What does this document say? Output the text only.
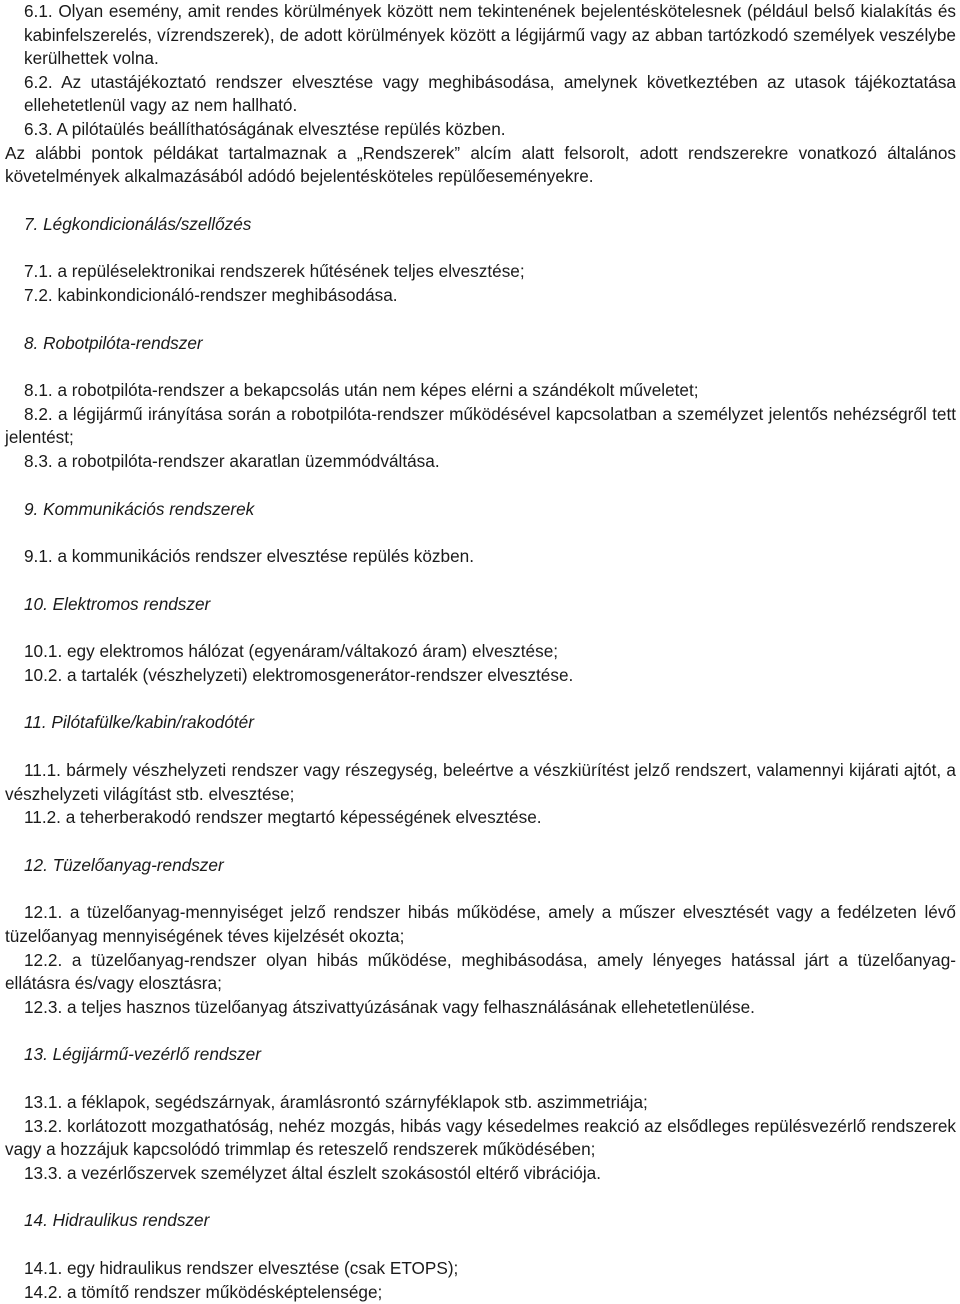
6.1. Olyan esemény, amit rendes körülmények között nem tekintenének bejelentéskötelesnek (például belső kialakítás és kabinfelszerelés, vízrendszerek), de adott körülmények között a légijármű vagy az abban tartózkodó személyek veszélybe kerülhettek volna.

6.2. Az utastájékoztató rendszer elvesztése vagy meghibásodása, amelynek következtében az utasok tájékoztatása ellehetetlenül vagy az nem hallható.

6.3. A pilótaülés beállíthatóságának elvesztése repülés közben.

Az alábbi pontok példákat tartalmaznak a „Rendszerek” alcím alatt felsorolt, adott rendszerekre vonatkozó általános követelmények alkalmazásából adódó bejelentésköteles repülőeseményekre.

7. Légkondicionálás/szellőzés

7.1. a repüléselektronikai rendszerek hűtésének teljes elvesztése;

7.2. kabinkondicionáló-rendszer meghibásodása.

8. Robotpilóta-rendszer

8.1. a robotpilóta-rendszer a bekapcsolás után nem képes elérni a szándékolt műveletet;

8.2. a légijármű irányítása során a robotpilóta-rendszer működésével kapcsolatban a személyzet jelentős nehézségről tett jelentést;

8.3. a robotpilóta-rendszer akaratlan üzemmódváltása.

9. Kommunikációs rendszerek

9.1. a kommunikációs rendszer elvesztése repülés közben.

10. Elektromos rendszer

10.1. egy elektromos hálózat (egyenáram/váltakozó áram) elvesztése;

10.2. a tartalék (vészhelyzeti) elektromosgenerátor-rendszer elvesztése.

11. Pilótafülke/kabin/rakodótér

11.1. bármely vészhelyzeti rendszer vagy részegység, beleértve a vészkiürítést jelző rendszert, valamennyi kijárati ajtót, a vészhelyzeti világítást stb. elvesztése;

11.2. a teherberakodó rendszer megtartó képességének elvesztése.

12. Tüzelőanyag-rendszer

12.1. a tüzelőanyag-mennyiséget jelző rendszer hibás működése, amely a műszer elvesztését vagy a fedélzeten lévő tüzelőanyag mennyiségének téves kijelzését okozta;

12.2. a tüzelőanyag-rendszer olyan hibás működése, meghibásodása, amely lényeges hatással járt a tüzelőanyag-ellátásra és/vagy elosztásra;

12.3. a teljes hasznos tüzelőanyag átszivattyúzásának vagy felhasználásának ellehetetlenülése.

13. Légijármű-vezérlő rendszer

13.1. a féklapok, segédszárnyak, áramlásrontó szárnyféklapok stb. aszimmetriája;

13.2. korlátozott mozgathatóság, nehéz mozgás, hibás vagy késedelmes reakció az elsődleges repülésvezérlő rendszerek vagy a hozzájuk kapcsolódó trimmlap és reteszelő rendszerek működésében;

13.3. a vezérlőszervek személyzet által észlelt szokásostól eltérő vibrációja.

14. Hidraulikus rendszer

14.1. egy hidraulikus rendszer elvesztése (csak ETOPS);

14.2. a tömítő rendszer működésképtelensége;
